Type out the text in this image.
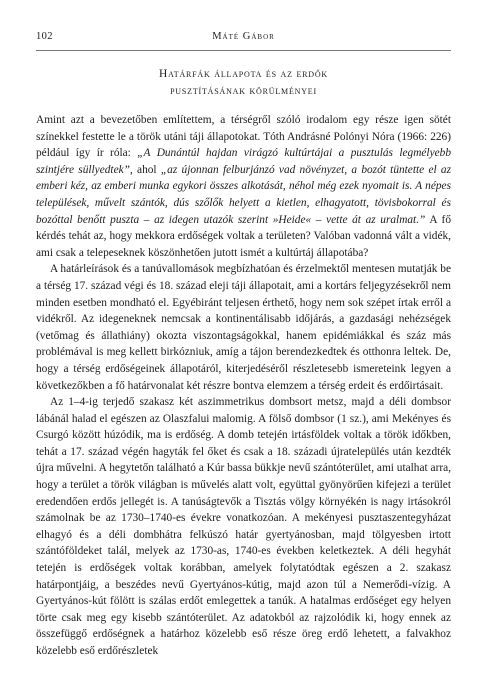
102	Máté Gábor
Határfák állapota és az erdők
pusztításának körülményei

Amint azt a bevezetőben említettem, a térségről szóló irodalom egy része igen sötét színekkel festette le a török utáni táji állapotokat. Tóth Andrásné Polónyi Nóra (1966: 226) például így ír róla: „A Dunántúl hajdan virágzó kultúrtájai a pusztulás legmélyebb szintjére süllyedtek”, ahol „az újonnan felburjánzó vad növényzet, a bozót tüntette el az emberi kéz, az emberi munka egykori összes alkotását, néhol még ezek nyomait is. A népes települések, művelt szántók, dús szőlők helyett a kietlen, elhagyatott, tövisbokorral és bozóttal benőtt puszta – az idegen utazók szerint »Heide« – vette át az uralmat.” A fő kérdés tehát az, hogy mekkora erdőségek voltak a területen? Valóban vadonná vált a vidék, ami csak a telepeseknek köszönhetően jutott ismét a kultúrtáj állapotába?

A határleírások és a tanúvallomások megbízhatóan és érzelmektől mentesen mutatják be a térség 17. század végi és 18. század eleji táji állapotait, ami a kortárs feljegyzésekről nem minden esetben mondható el. Egyébiránt teljesen érthető, hogy nem sok szépet írtak erről a vidékről. Az idegeneknek nemcsak a kontinentálisabb időjárás, a gazdasági nehézségek (vetőmag és állathiány) okozta viszontagságokkal, hanem epidémiákkal és száz más problémával is meg kellett birkózniuk, amíg a tájon berendezkedtek és otthonra leltek. De, hogy a térség erdőségeinek állapotáról, kiterjedéséről részletesebb ismereteink legyen a következőkben a fő határvonalat két részre bontva elemzem a térség erdeit és erdőirtásait.

Az 1–4-ig terjedő szakasz két aszimmetrikus dombsort metsz, majd a déli dombsor lábánál halad el egészen az Olaszfalui malomig. A fölső dombsor (1 sz.), ami Mekényes és Csurgó között húzódik, ma is erdőség. A domb tetején irtásföldek voltak a török időkben, tehát a 17. század végén hagyták fel őket és csak a 18. századi újratelepülés után kezdték újra művelni. A hegytetőn található a Kúr bassa bükkje nevű szántóterület, ami utalhat arra, hogy a terület a török világban is művelés alatt volt, együttal gyönyörűen kifejezi a terület eredendően erdős jellegét is. A tanúságtevők a Tisztás völgy környékén is nagy irtásokról számolnak be az 1730–1740-es évekre vonatkozóan. A mekényesi pusztaszentegyházat elhagyó és a déli dombhátra felkúszó határ gyertyánosban, majd tölgyesben irtott szántóföldeket talál, melyek az 1730-as, 1740-es években keletkeztek. A déli hegyhát tetején is erdőségek voltak korábban, amelyek folytatódtak egészen a 2. szakasz határpontjáig, a beszédes nevű Gyertyános-kútig, majd azon túl a Nemerődi-vízig. A Gyertyános-kút fölött is szálas erdőt emlegettek a tanúk. A hatalmas erdőséget egy helyen törte csak meg egy kisebb szántóterület. Az adatokból az rajzolódik ki, hogy ennek az összefüggő erdőségnek a határhoz közelebb eső része öreg erdő lehetett, a falvakhoz közelebb eső erdőrészletek
